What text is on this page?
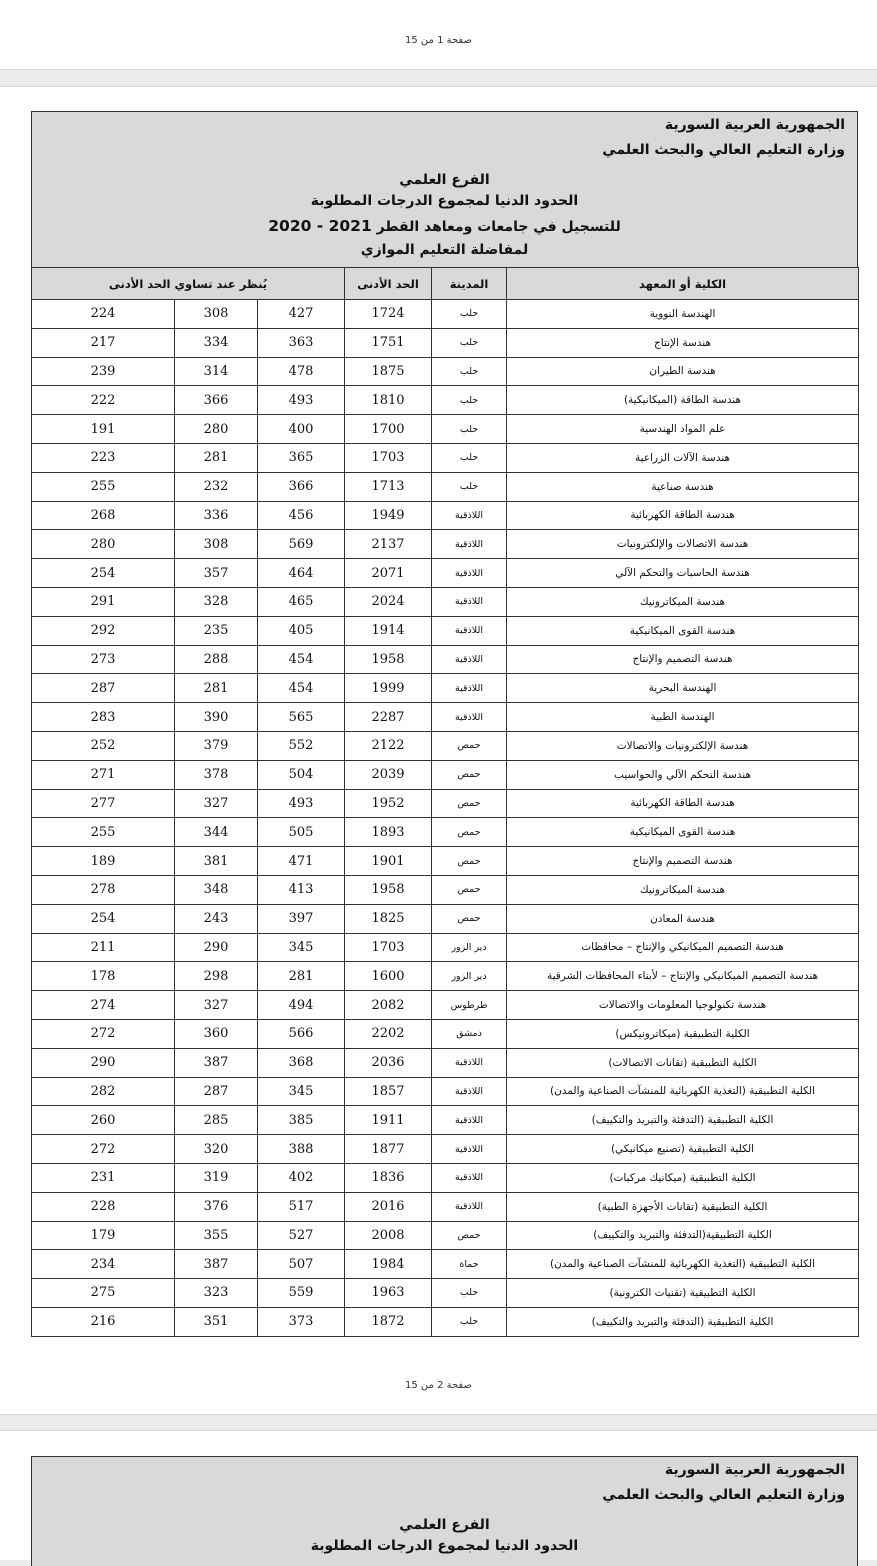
صفحة 1 من 15
الجمهورية العربية السورية
وزارة التعليم العالي والبحث العلمي
الفرع العلمي
الحدود الدنيا لمجموع الدرجات المطلوبة
للتسجيل في جامعات ومعاهد القطر 2020 - 2021
لمفاضلة التعليم الموازي
الكلية أو المعهد	المدينة	الحد الأدنى	يُنظر عند تساوي الحد الأدنى		
الهندسة النووية	حلب	1724	427	308	224
هندسة الإنتاج	حلب	1751	363	334	217
هندسة الطيران	حلب	1875	478	314	239
هندسة الطاقة (الميكانيكية)	حلب	1810	493	366	222
علم المواد الهندسية	حلب	1700	400	280	191
هندسة الآلات الزراعية	حلب	1703	365	281	223
هندسة صناعية	حلب	1713	366	232	255
هندسة الطاقة الكهربائية	اللاذقية	1949	456	336	268
هندسة الاتصالات والإلكترونيات	اللاذقية	2137	569	308	280
هندسة الحاسبات والتحكم الآلي	اللاذقية	2071	464	357	254
هندسة الميكاترونيك	اللاذقية	2024	465	328	291
هندسة القوى الميكانيكية	اللاذقية	1914	405	235	292
هندسة التصميم والإنتاج	اللاذقية	1958	454	288	273
الهندسة البحرية	اللاذقية	1999	454	281	287
الهندسة الطبية	اللاذقية	2287	565	390	283
هندسة الإلكترونيات والاتصالات	حمص	2122	552	379	252
هندسة التحكم الآلي والحواسيب	حمص	2039	504	378	271
هندسة الطاقة الكهربائية	حمص	1952	493	327	277
هندسة القوى الميكانيكية	حمص	1893	505	344	255
هندسة التصميم والإنتاج	حمص	1901	471	381	189
هندسة الميكاترونيك	حمص	1958	413	348	278
هندسة المعادن	حمص	1825	397	243	254
هندسة التصميم الميكانيكي والإنتاج – محافظات	دير الزور	1703	345	290	211
هندسة التصميم الميكانيكي والإنتاج – لأبناء المحافظات الشرقية	دير الزور	1600	281	298	178
هندسة تكنولوجيا المعلومات والاتصالات	طرطوس	2082	494	327	274
الكلية التطبيقية (ميكاترونيكس)	دمشق	2202	566	360	272
الكلية التطبيقية (تقانات الاتصالات)	اللاذقية	2036	368	387	290
الكلية التطبيقية (التغذية الكهربائية للمنشآت الصناعية والمدن)	اللاذقية	1857	345	287	282
الكلية التطبيقية (التدفئة والتبريد والتكييف)	اللاذقية	1911	385	285	260
الكلية التطبيقية (تصنيع ميكانيكي)	اللاذقية	1877	388	320	272
الكلية التطبيقية (ميكانيك مركبات)	اللاذقية	1836	402	319	231
الكلية التطبيقية (تقانات الأجهزة الطبية)	اللاذقية	2016	517	376	228
الكلية التطبيقية(التدفئة والتبريد والتكييف)	حمص	2008	527	355	179
الكلية التطبيقية (التغذية الكهربائية للمنشآت الصناعية والمدن)	حماة	1984	507	387	234
الكلية التطبيقية (تقنيات الكترونية)	حلب	1963	559	323	275
الكلية التطبيقية (التدفئة والتبريد والتكييف)	حلب	1872	373	351	216
صفحة 2 من 15
الجمهورية العربية السورية
وزارة التعليم العالي والبحث العلمي
الفرع العلمي
الحدود الدنيا لمجموع الدرجات المطلوبة
